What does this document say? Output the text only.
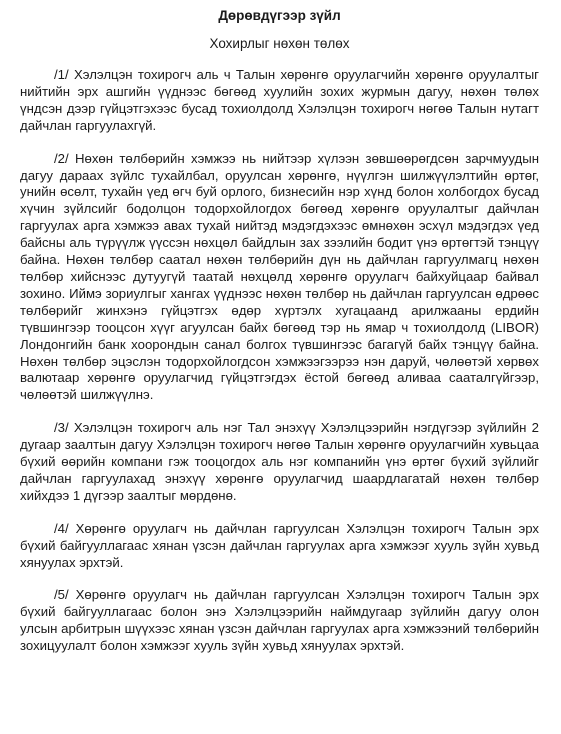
Дөрөвдүгээр зүйл
Хохирлыг нөхөн төлөх

/1/ Хэлэлцэн тохирогч аль ч Талын хөрөнгө оруулагчийн хөрөнгө оруулалтыг нийтийн эрх ашгийн үүднээс бөгөөд хуулийн зохих журмын дагуу, нөхөн төлөх үндсэн дээр гүйцэтгэхээс бусад тохиолдолд Хэлэлцэн тохирогч нөгөө Талын нутагт дайчлан гаргуулахгүй.

/2/ Нөхөн төлбөрийн хэмжээ нь нийтээр хүлээн зөвшөөрөгдсөн зарчмуудын дагуу дараах зүйлс тухайлбал, оруулсан хөрөнгө, нүүлгэн шилжүүлэлтийн өртөг, унийн өсөлт, тухайн үед өгч буй орлого, бизнесийн нэр хүнд болон холбогдох бусад хүчин зүйлсийг бодолцон тодорхойлогдох бөгөөд хөрөнгө оруулалтыг дайчлан гаргуулах арга хэмжээ авах тухай нийтэд мэдэгдэхээс өмнөхөн эсхүл мэдэгдэх үед байсны аль түрүүлж үүссэн нөхцөл байдлын зах зээлийн бодит үнэ өртөгтэй тэнцүү байна. Нөхөн төлбөр саатал нөхөн төлбөрийн дүн нь дайчлан гаргуулмагц нөхөн төлбөр хийснээс дутуугүй таатай нөхцөлд хөрөнгө оруулагч байхуйцаар байвал зохино. Иймэ зориулгыг хангах үүднээс нөхөн төлбөр нь дайчлан гаргуулсан өдрөөс төлбөрийг жинхэнэ гүйцэтгэх өдөр хүртэлх хугацаанд арилжааны ердийн түвшингээр тооцсон хүүг агуулсан байх бөгөөд тэр нь ямар ч тохиолдолд (LIBOR) Лондонгийн банк хоорондын санал болгох түвшингээс багагүй байх тэнцүү байна. Нөхөн төлбөр эцэслэн тодорхойлогдсон хэмжээгээрээ нэн даруй, чөлөөтэй хөрвөх валютаар хөрөнгө оруулагчид гүйцэтгэгдэх ёстой бөгөөд аливаа сааталгүйгээр, чөлөөтэй шилжүүлнэ.

/3/ Хэлэлцэн тохирогч аль нэг Тал энэхүү Хэлэлцээрийн нэгдүгээр зүйлийн 2 дугаар заалтын дагуу Хэлэлцэн тохирогч нөгөө Талын хөрөнгө оруулагчийн хувьцаа бүхий өөрийн компани гэж тооцогдох аль нэг компанийн үнэ өртөг бүхий зүйлийг дайчлан гаргуулахад энэхүү хөрөнгө оруулагчид шаардлагатай нөхөн төлбөр хийхдээ 1 дүгээр заалтыг мөрдөнө.

/4/ Хөрөнгө оруулагч нь дайчлан гаргуулсан Хэлэлцэн тохирогч Талын эрх бүхий байгууллагаас хянан үзсэн дайчлан гаргуулах арга хэмжээг хууль зүйн хувьд хянуулах эрхтэй.

/5/ Хөрөнгө оруулагч нь дайчлан гаргуулсан Хэлэлцэн тохирогч Талын эрх бүхий байгууллагаас болон энэ Хэлэлцээрийн наймдугаар зүйлийн дагуу олон улсын арбитрын шүүхээс хянан үзсэн дайчлан гаргуулах арга хэмжээний төлбөрийн зохицуулалт болон хэмжээг хууль зүйн хувьд хянуулах эрхтэй.
